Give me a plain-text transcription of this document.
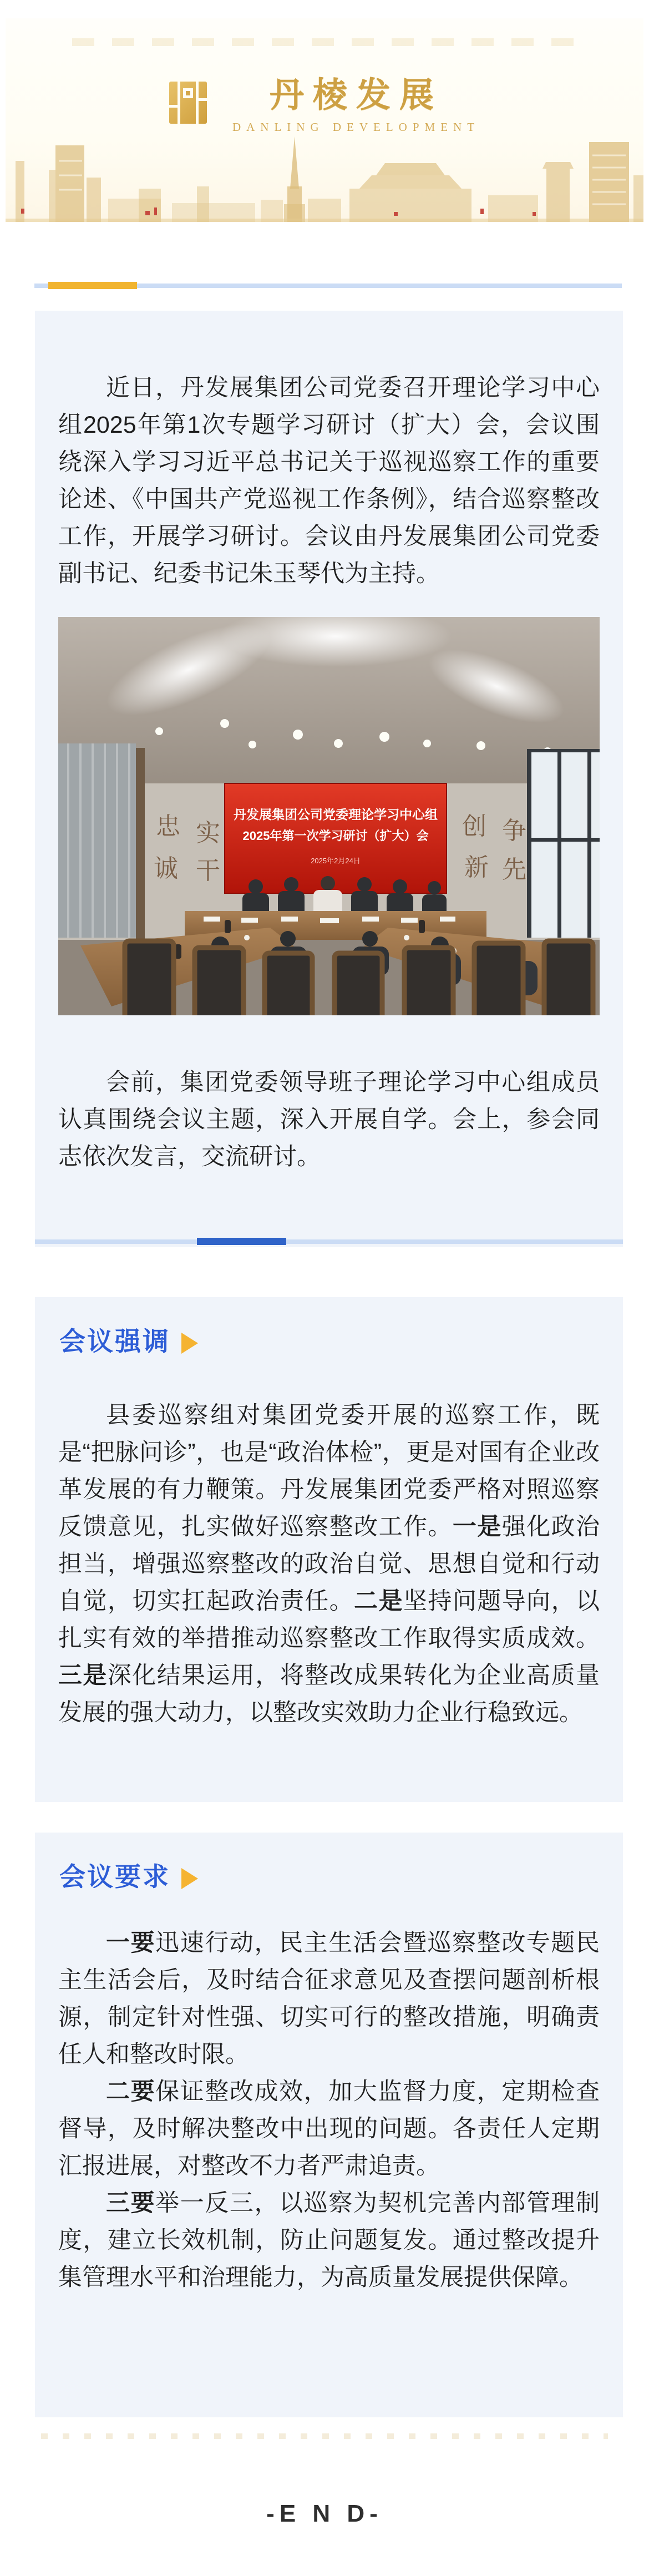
丹棱发展
DANLING DEVELOPMENT

近日，丹发展集团公司党委召开理论学习中心组2025年第1次专题学习研讨（扩大）会，会议围绕深入学习习近平总书记关于巡视巡察工作的重要论述、《中国共产党巡视工作条例》，结合巡察整改工作，开展学习研讨。会议由丹发展集团公司党委副书记、纪委书记朱玉琴代为主持。

忠 实
诚 干
丹发展集团公司党委理论学习中心组
2025年第一次学习研讨（扩大）会
2025年2月24日
创 争
新 先

会前，集团党委领导班子理论学习中心组成员认真围绕会议主题，深入开展自学。会上，参会同志依次发言，交流研讨。

会议强调

县委巡察组对集团党委开展的巡察工作，既是“把脉问诊”，也是“政治体检”，更是对国有企业改革发展的有力鞭策。丹发展集团党委严格对照巡察反馈意见，扎实做好巡察整改工作。一是强化政治担当，增强巡察整改的政治自觉、思想自觉和行动自觉，切实扛起政治责任。二是坚持问题导向，以扎实有效的举措推动巡察整改工作取得实质成效。三是深化结果运用，将整改成果转化为企业高质量发展的强大动力，以整改实效助力企业行稳致远。

会议要求

一要迅速行动，民主生活会暨巡察整改专题民主生活会后，及时结合征求意见及查摆问题剖析根源，制定针对性强、切实可行的整改措施，明确责任人和整改时限。

二要保证整改成效，加大监督力度，定期检查督导，及时解决整改中出现的问题。各责任人定期汇报进展，对整改不力者严肃追责。

三要举一反三，以巡察为契机完善内部管理制度，建立长效机制，防止问题复发。通过整改提升集管理水平和治理能力，为高质量发展提供保障。

-E N D-
